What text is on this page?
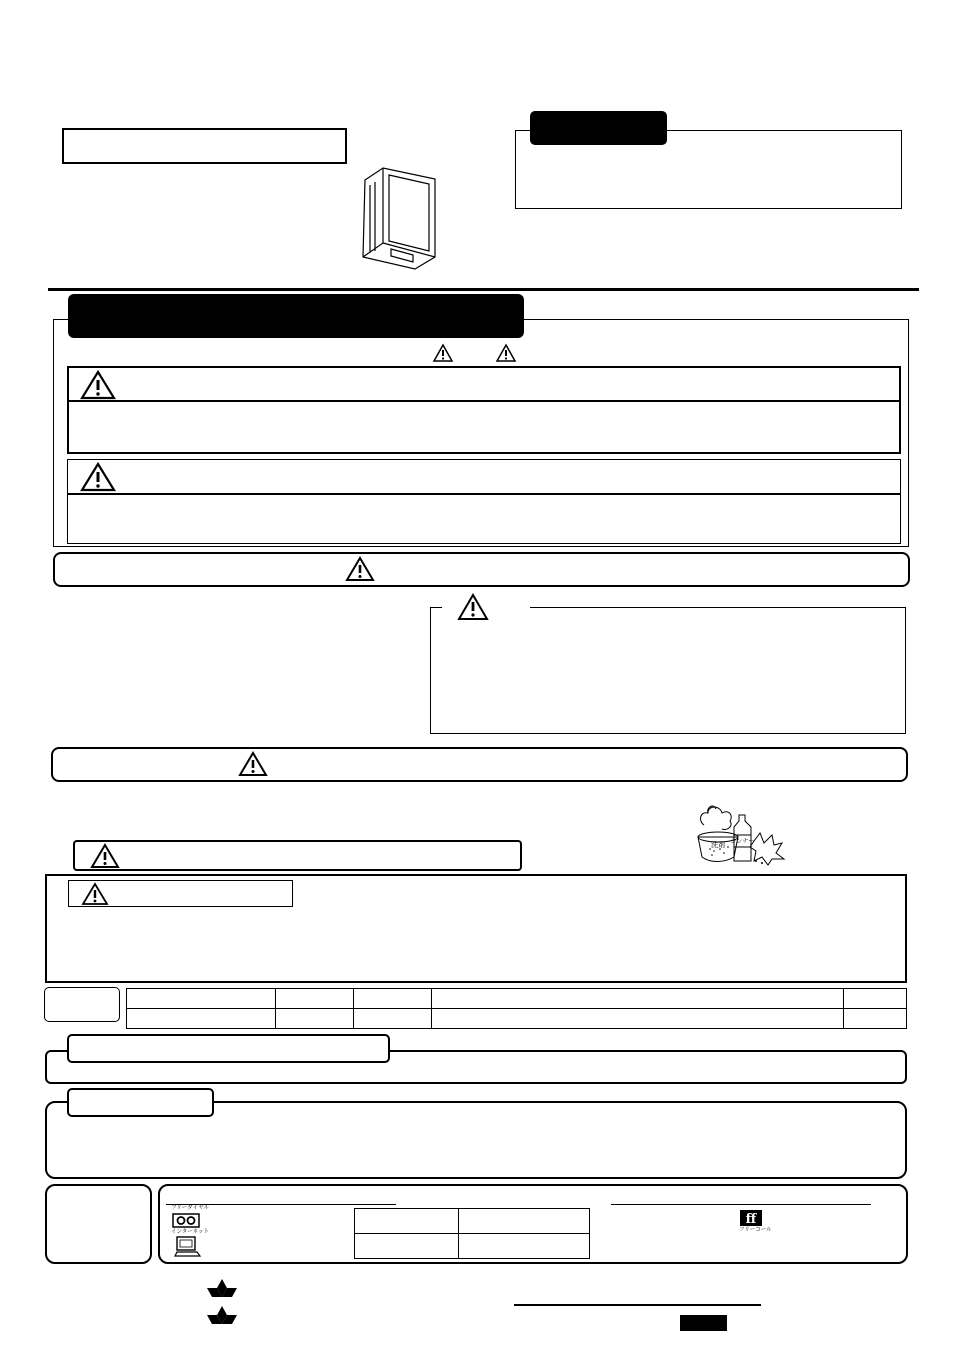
洗剤 シンナー

フリーダイヤル
インターネット

ff
フリーコール
